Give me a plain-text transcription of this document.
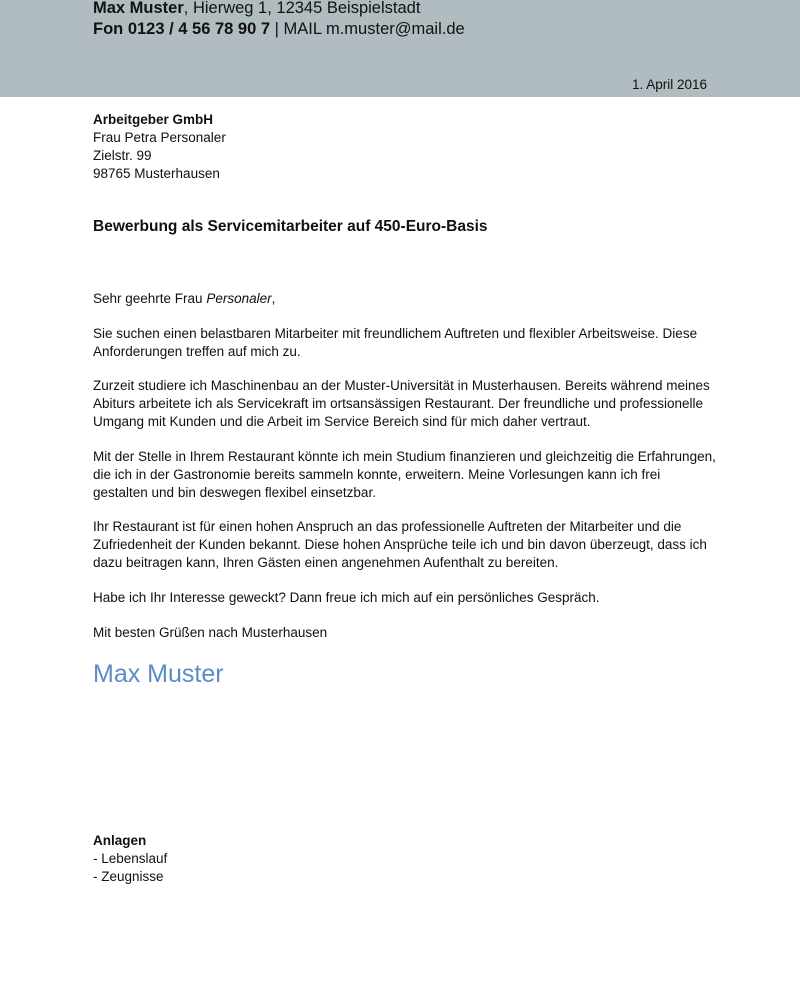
Max Muster, Hierweg 1, 12345 Beispielstadt
Fon 0123 / 4 56 78 90 7 | MAIL m.muster@mail.de
1. April 2016

Arbeitgeber GmbH

Frau Petra Personaler

Zielstr. 99

98765 Musterhausen

Bewerbung als Servicemitarbeiter auf 450-Euro-Basis
Sehr geehrte Frau Personaler,

Sie suchen einen belastbaren Mitarbeiter mit freundlichem Auftreten und flexibler Arbeitsweise. Diese

Anforderungen treffen auf mich zu.

Zurzeit studiere ich Maschinenbau an der Muster-Universität in Musterhausen. Bereits während meines

Abiturs arbeitete ich als Servicekraft im ortsansässigen Restaurant. Der freundliche und professionelle

Umgang mit Kunden und die Arbeit im Service Bereich sind für mich daher vertraut.

Mit der Stelle in Ihrem Restaurant könnte ich mein Studium finanzieren und gleichzeitig die Erfahrungen,

die ich in der Gastronomie bereits sammeln konnte, erweitern. Meine Vorlesungen kann ich frei

gestalten und bin deswegen flexibel einsetzbar.

Ihr Restaurant ist für einen hohen Anspruch an das professionelle Auftreten der Mitarbeiter und die

Zufriedenheit der Kunden bekannt. Diese hohen Ansprüche teile ich und bin davon überzeugt, dass ich

dazu beitragen kann, Ihren Gästen einen angenehmen Aufenthalt zu bereiten.

Habe ich Ihr Interesse geweckt? Dann freue ich mich auf ein persönliches Gespräch.

Mit besten Grüßen nach Musterhausen
Max Muster

Anlagen

- Lebenslauf

- Zeugnisse
